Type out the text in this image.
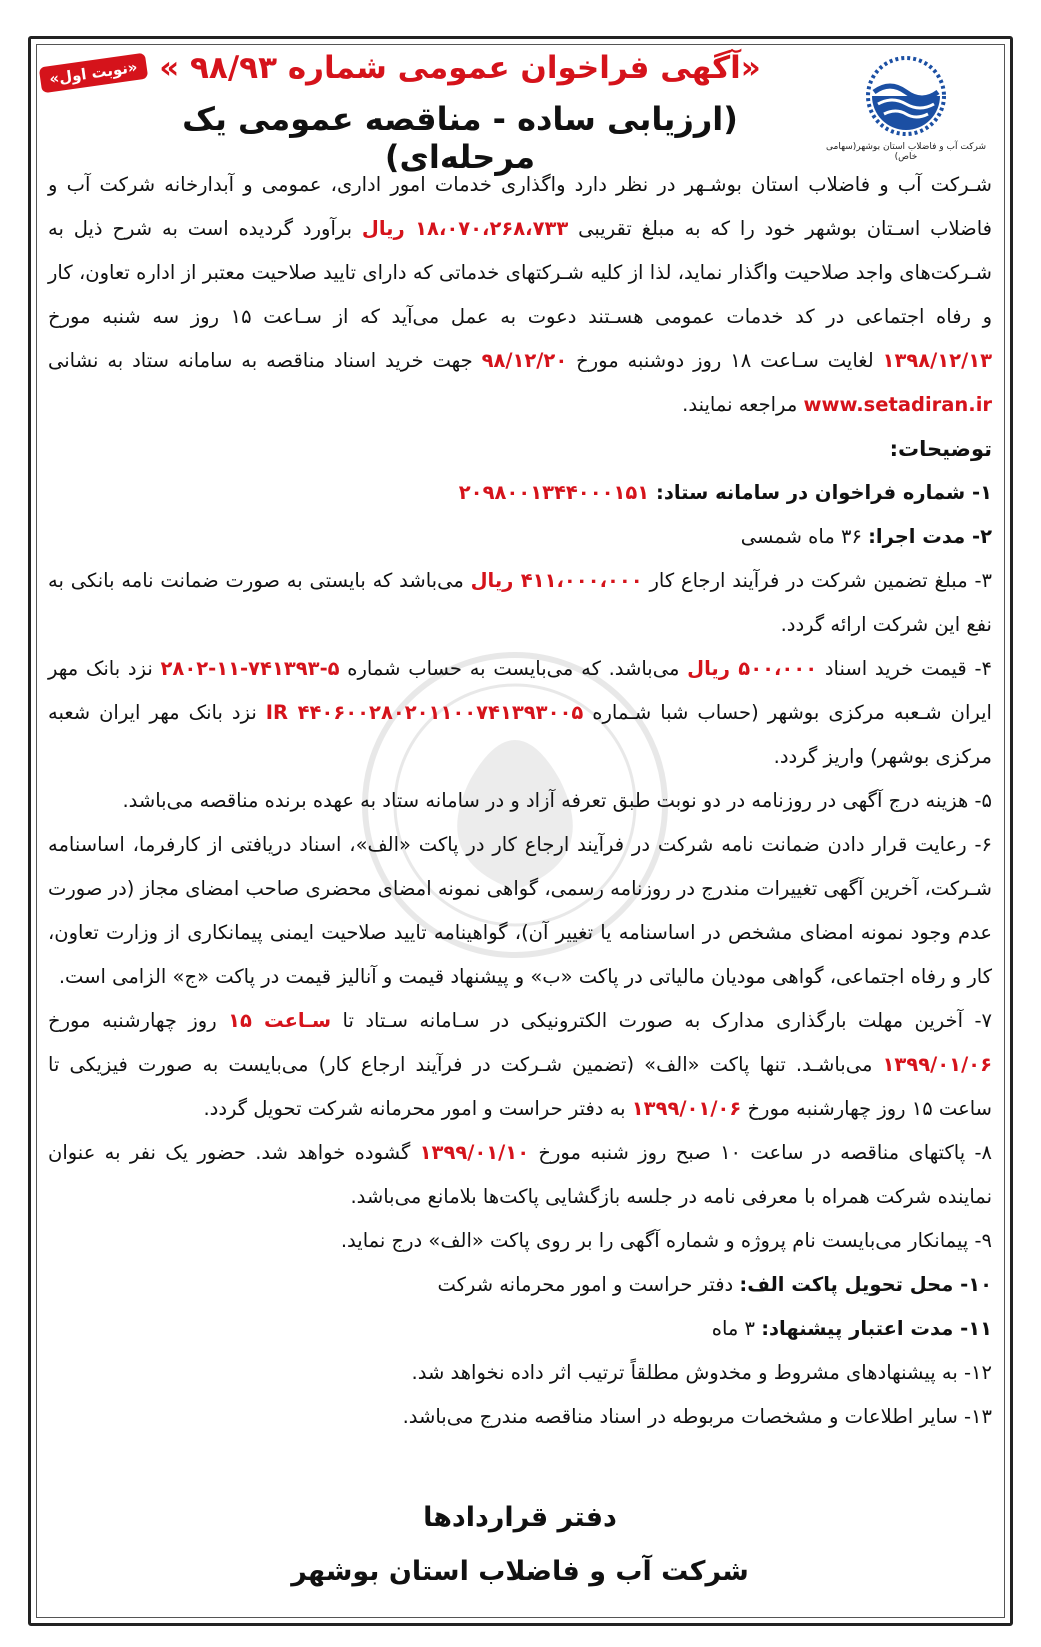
«نوبت اول»
شرکت آب و فاضلاب استان بوشهر(سهامی خاص)
«آگهی فراخوان عمومی شماره ۹۸/۹۳ »
(ارزیابی ساده - مناقصه عمومی یک مرحله‌ای)

شـرکت آب و فاضلاب استان بوشـهر در نظر دارد واگذاری خدمات امور اداری، عمومی و آبدارخانه شرکت آب و فاضلاب اسـتان بوشهر خود را که به مبلغ تقریبی ۱۸،۰۷۰،۲۶۸،۷۳۳ ریال برآورد گردیده است به شرح ذیل به شـرکت‌های واجد صلاحیت واگذار نماید، لذا از کلیه شـرکتهای خدماتی که دارای تایید صلاحیت معتبر از اداره تعاون، کار و رفاه اجتماعی در کد خدمات عمومی هسـتند دعوت به عمل می‌آید که از سـاعت ۱۵ روز سه شنبه مورخ ۱۳۹۸/۱۲/۱۳ لغایت سـاعت ۱۸ روز دوشنبه مورخ ۹۸/۱۲/۲۰ جهت خرید اسناد مناقصه به سامانه ستاد به نشانی www.setadiran.ir مراجعه نمایند.

توضیحات:

۱- شماره فراخوان در سامانه ستاد: ۲۰۹۸۰۰۱۳۴۴۰۰۰۱۵۱

۲- مدت اجرا: ۳۶ ماه شمسی

۳- مبلغ تضمین شرکت در فرآیند ارجاع کار ۴۱۱،۰۰۰،۰۰۰ ریال می‌باشد که بایستی به صورت ضمانت نامه بانکی به نفع این شرکت ارائه گردد.

۴- قیمت خرید اسناد ۵۰۰،۰۰۰ ریال می‌باشد. که می‌بایست به حساب شماره ۵-۷۴۱۳۹۳-۱۱-۲۸۰۲ نزد بانک مهر ایران شـعبه مرکزی بوشهر (حساب شبا شـماره IR ۴۴۰۶۰۰۲۸۰۲۰۱۱۰۰۷۴۱۳۹۳۰۰۵ نزد بانک مهر ایران شعبه مرکزی بوشهر) واریز گردد.

۵- هزینه درج آگهی در روزنامه در دو نوبت طبق تعرفه آزاد و در سامانه ستاد به عهده برنده مناقصه می‌باشد.

۶- رعایت قرار دادن ضمانت نامه شرکت در فرآیند ارجاع کار در پاکت «الف»، اسناد دریافتی از کارفرما، اساسنامه شـرکت، آخرین آگهی تغییرات مندرج در روزنامه رسمی، گواهی نمونه امضای محضری صاحب امضای مجاز (در صورت عدم وجود نمونه امضای مشخص در اساسنامه یا تغییر آن)، گواهینامه تایید صلاحیت ایمنی پیمانکاری از وزارت تعاون، کار و رفاه اجتماعی، گواهی مودیان مالیاتی در پاکت «ب» و پیشنهاد قیمت و آنالیز قیمت در پاکت «ج» الزامی است.

۷- آخرین مهلت بارگذاری مدارک به صورت الکترونیکی در سـامانه سـتاد تا سـاعت ۱۵ روز چهارشنبه مورخ ۱۳۹۹/۰۱/۰۶ می‌باشـد. تنها پاکت «الف» (تضمین شـرکت در فرآیند ارجاع کار) می‌بایست به صورت فیزیکی تا ساعت ۱۵ روز چهارشنبه مورخ ۱۳۹۹/۰۱/۰۶ به دفتر حراست و امور محرمانه شرکت تحویل گردد.

۸- پاکتهای مناقصه در ساعت ۱۰ صبح روز شنبه مورخ ۱۳۹۹/۰۱/۱۰ گشوده خواهد شد. حضور یک نفر به عنوان نماینده شرکت همراه با معرفی نامه در جلسه بازگشایی پاکت‌ها بلامانع می‌باشد.

۹- پیمانکار می‌بایست نام پروژه و شماره آگهی را بر روی پاکت «الف» درج نماید.

۱۰- محل تحویل پاکت الف: دفتر حراست و امور محرمانه شرکت

۱۱- مدت اعتبار پیشنهاد: ۳ ماه

۱۲- به پیشنهادهای مشروط و مخدوش مطلقاً ترتیب اثر داده نخواهد شد.

۱۳- سایر اطلاعات و مشخصات مربوطه در اسناد مناقصه مندرج می‌باشد.

دفتر قراردادها
شرکت آب و فاضلاب استان بوشهر
